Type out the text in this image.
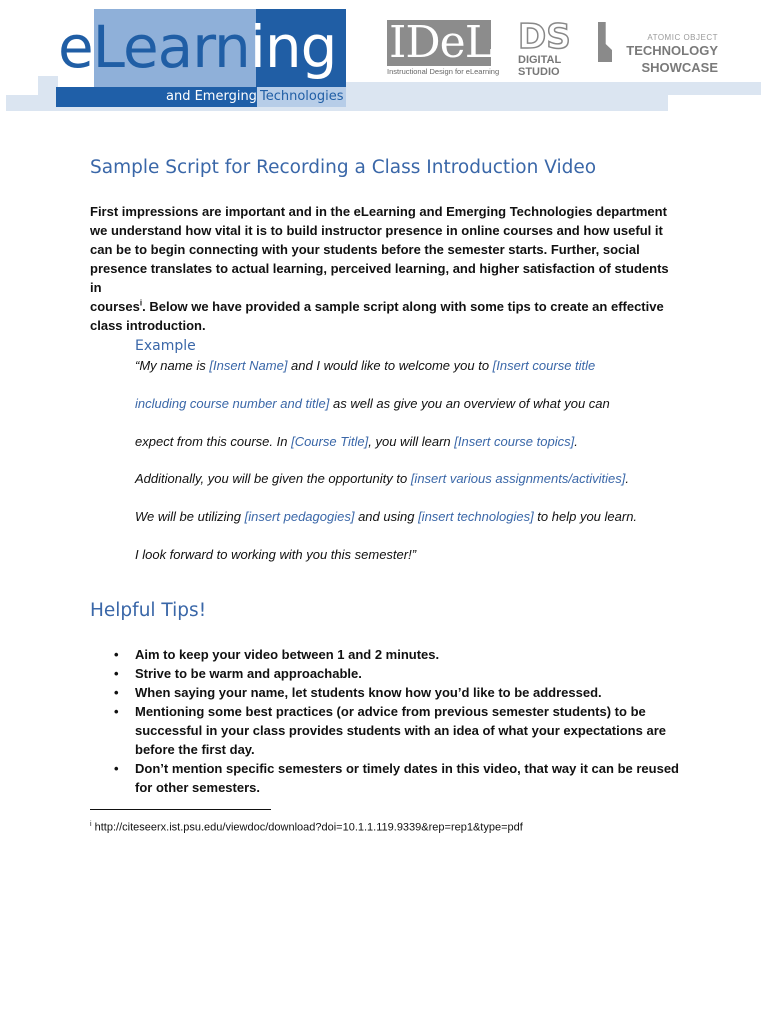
eLearning
and Emerging Technologies
IDeL
Instructional Design for eLearning
DS
DIGITAL
STUDIO
ATOMIC OBJECT
TECHNOLOGY
SHOWCASE
Sample Script for Recording a Class Introduction Video

First impressions are important and in the eLearning and Emerging Technologies department
we understand how vital it is to build instructor presence in online courses and how useful it
can be to begin connecting with your students before the semester starts. Further, social
presence translates to actual learning, perceived learning, and higher satisfaction of students in
courses$^i$. Below we have provided a sample script along with some tips to create an effective
class introduction.

Example

“My name is [Insert Name] and I would like to welcome you to [Insert course title

including course number and title] as well as give you an overview of what you can

expect from this course. In [Course Title], you will learn [Insert course topics].

Additionally, you will be given the opportunity to [insert various assignments/activities].

We will be utilizing [insert pedagogies] and using [insert technologies] to help you learn.

I look forward to working with you this semester!”

Helpful Tips!
• Aim to keep your video between 1 and 2 minutes.
• Strive to be warm and approachable.
• When saying your name, let students know how you’d like to be addressed.
• Mentioning some best practices (or advice from previous semester students) to be
successful in your class provides students with an idea of what your expectations are
before the first day.
• Don’t mention specific semesters or timely dates in this video, that way it can be reused
for other semesters.
$^i$ http://citeseerx.ist.psu.edu/viewdoc/download?doi=10.1.1.119.9339&rep=rep1&type=pdf
